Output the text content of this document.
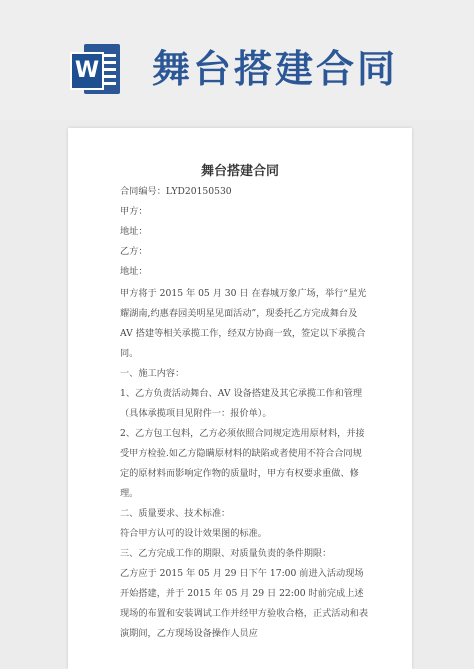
W 舞台搭建合同
舞台搭建合同

合同编号：LYD20150530

甲方：

地址：

乙方：

地址：

甲方将于 2015 年 05 月 30 日 在春城万象广场，举行“星光耀湖南,约惠春园美明星见面活动”，现委托乙方完成舞台及 AV 搭建等相关承揽工作，经双方协商一致，签定以下承揽合同。

一、施工内容：

1、乙方负责活动舞台、AV 设备搭建及其它承揽工作和管理（具体承揽项目见附件一：报价单）。

2、乙方包工包料，乙方必须依照合同规定选用原材料，并接受甲方检验.如乙方隐瞒原材料的缺陷或者使用不符合合同规定的原材料而影响定作物的质量时，甲方有权要求重做、修理。

二、质量要求、技术标准：

符合甲方认可的设计效果图的标准。

三、乙方完成工作的期限、对质量负责的条件期限：

乙方应于 2015 年 05 月 29 日下午 17:00 前进入活动现场开始搭建，并于 2015 年 05 月 29 日 22:00 时前完成上述现场的布置和安装调试工作并经甲方验收合格，正式活动和表演期间，乙方现场设备操作人员应
